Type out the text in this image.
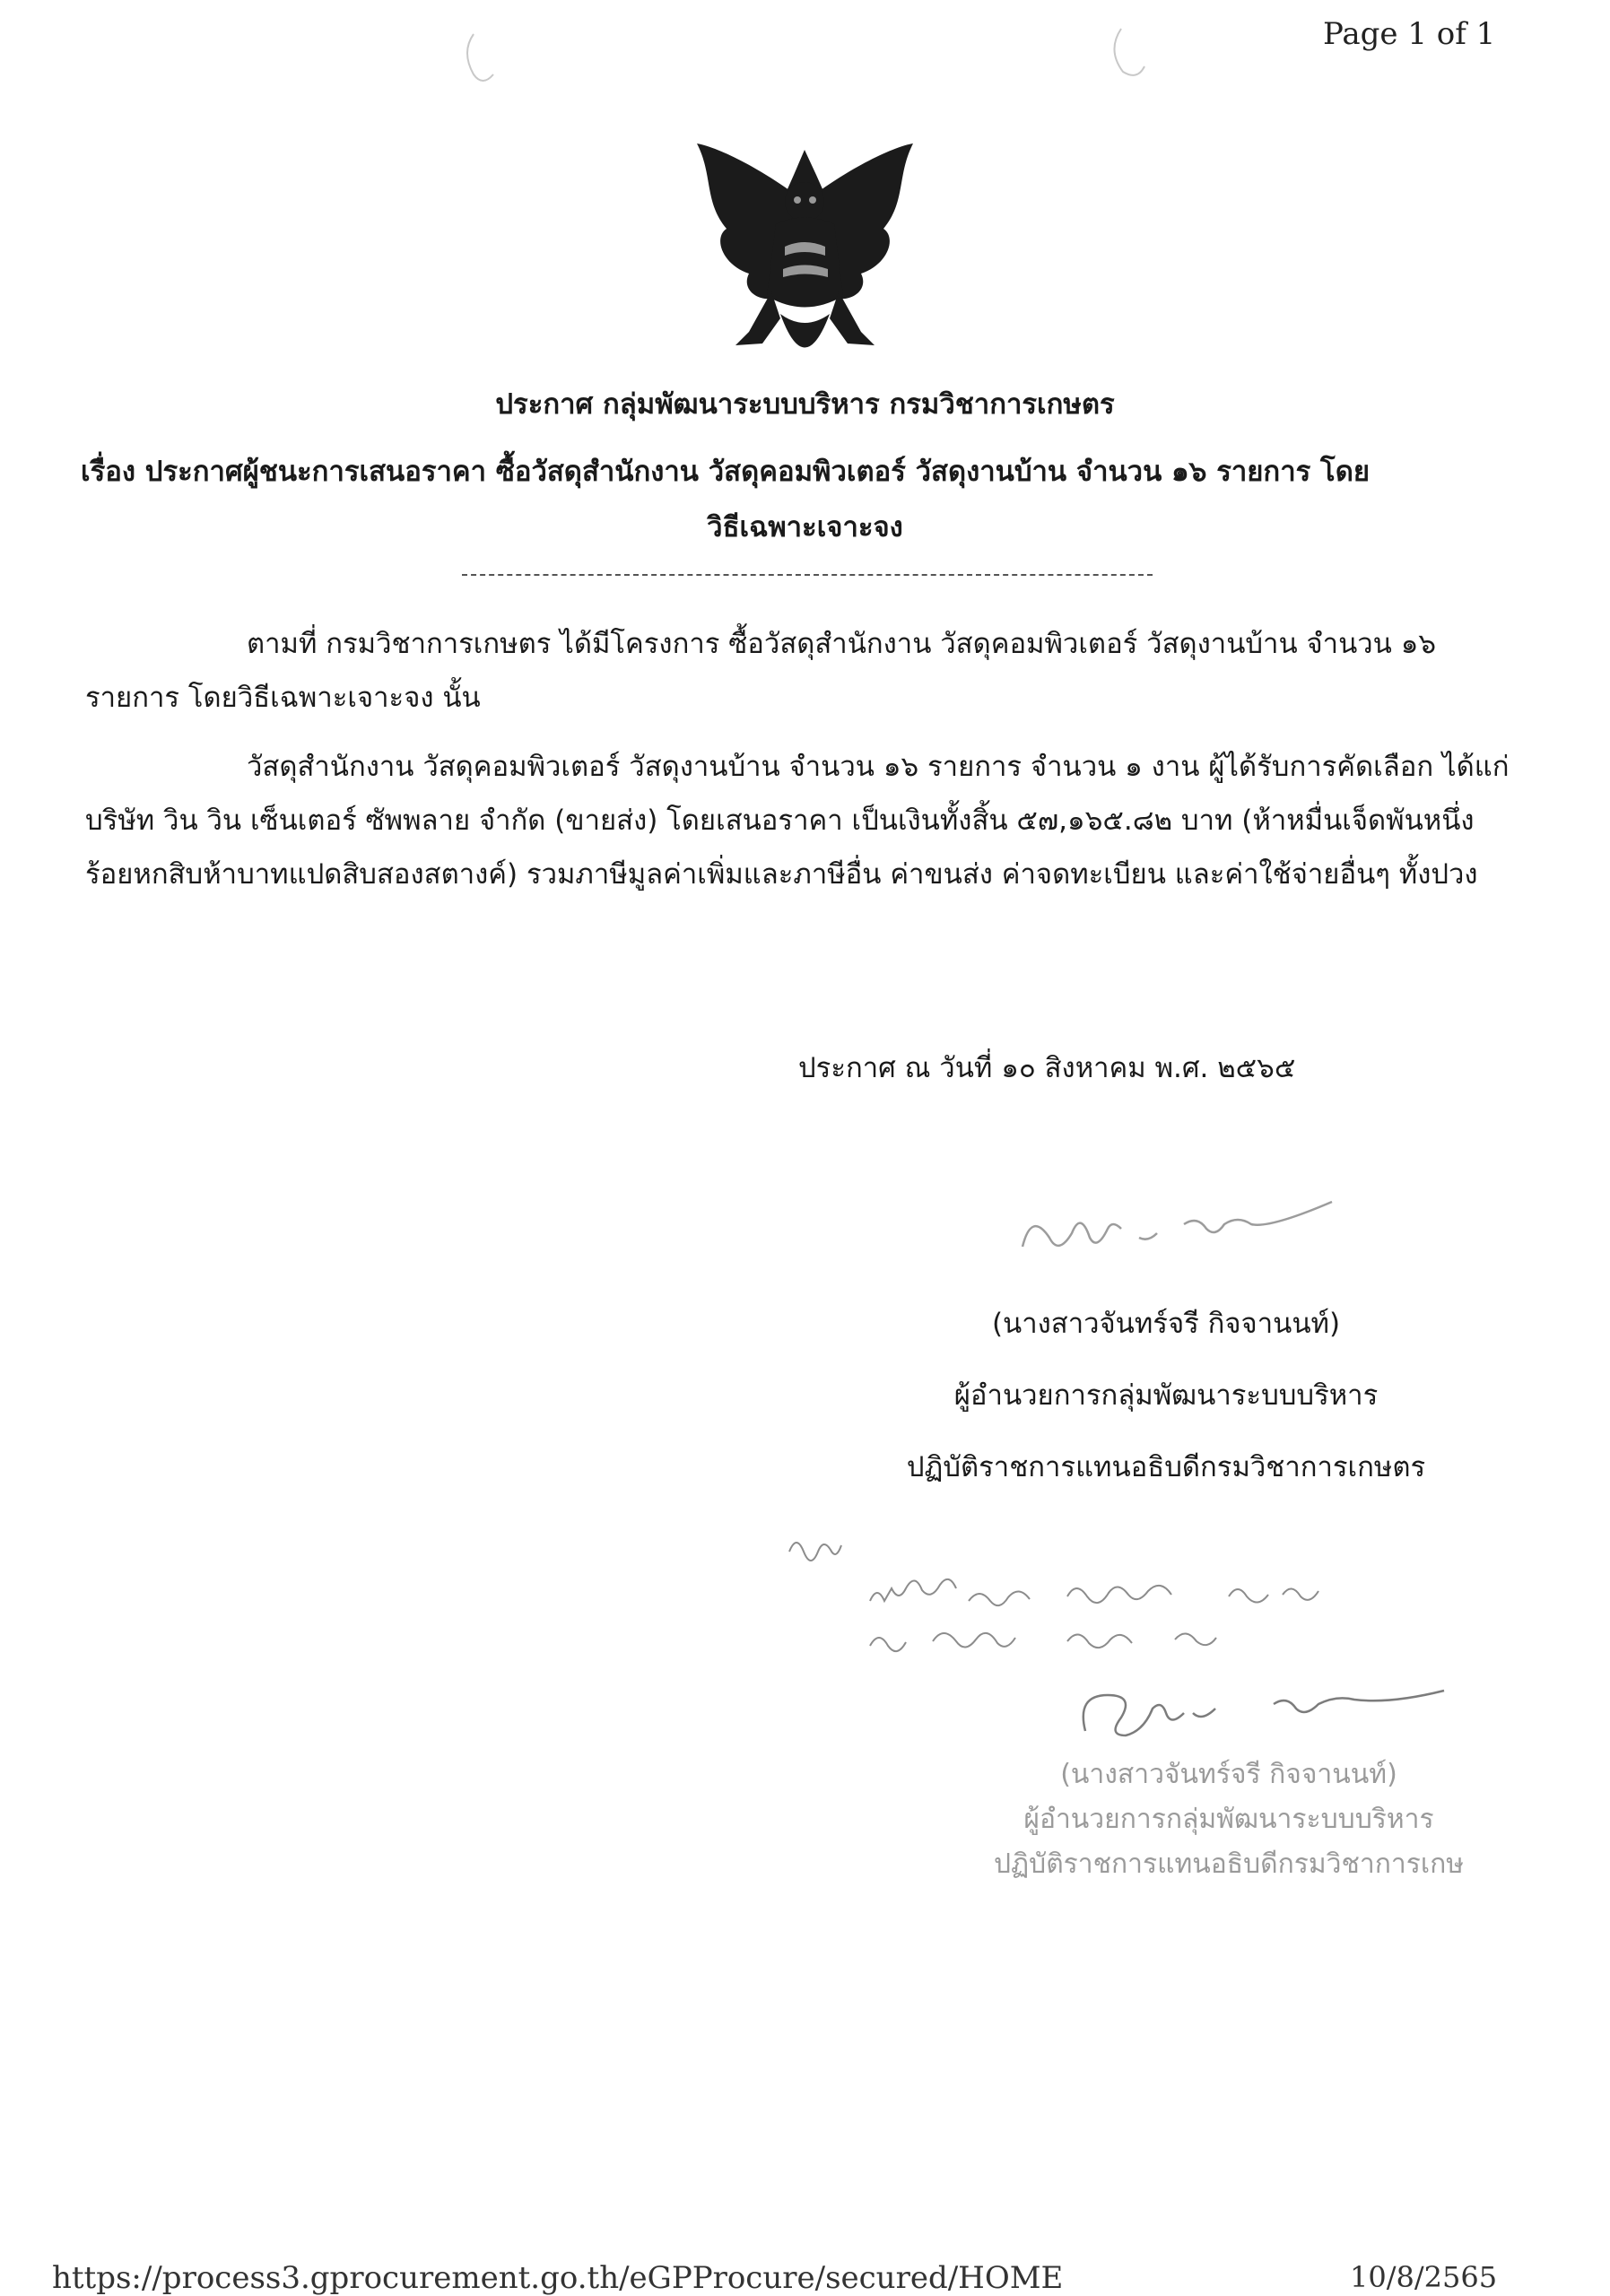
Page 1 of 1
ประกาศ กลุ่มพัฒนาระบบบริหาร กรมวิชาการเกษตร
เรื่อง ประกาศผู้ชนะการเสนอราคา ซื้อวัสดุสำนักงาน วัสดุคอมพิวเตอร์ วัสดุงานบ้าน จำนวน ๑๖ รายการ โดย
วิธีเฉพาะเจาะจง
ตามที่ กรมวิชาการเกษตร ได้มีโครงการ ซื้อวัสดุสำนักงาน วัสดุคอมพิวเตอร์ วัสดุงานบ้าน จำนวน ๑๖ รายการ โดยวิธีเฉพาะเจาะจง นั้น
วัสดุสำนักงาน วัสดุคอมพิวเตอร์ วัสดุงานบ้าน จำนวน ๑๖ รายการ จำนวน ๑ งาน ผู้ได้รับการคัดเลือก ได้แก่ บริษัท วิน วิน เซ็นเตอร์ ซัพพลาย จำกัด (ขายส่ง) โดยเสนอราคา เป็นเงินทั้งสิ้น ๕๗,๑๖๕.๘๒ บาท (ห้าหมื่นเจ็ดพันหนึ่งร้อยหกสิบห้าบาทแปดสิบสองสตางค์) รวมภาษีมูลค่าเพิ่มและภาษีอื่น ค่าขนส่ง ค่าจดทะเบียน และค่าใช้จ่ายอื่นๆ ทั้งปวง
ประกาศ ณ วันที่ ๑๐ สิงหาคม พ.ศ. ๒๕๖๕
(นางสาวจันทร์จรี กิจจานนท์)
ผู้อำนวยการกลุ่มพัฒนาระบบบริหาร
ปฏิบัติราชการแทนอธิบดีกรมวิชาการเกษตร
(นางสาวจันทร์จรี กิจจานนท์)
ผู้อำนวยการกลุ่มพัฒนาระบบบริหาร
ปฏิบัติราชการแทนอธิบดีกรมวิชาการเกษ
https://process3.gprocurement.go.th/eGPProcure/secured/HOME	10/8/2565
